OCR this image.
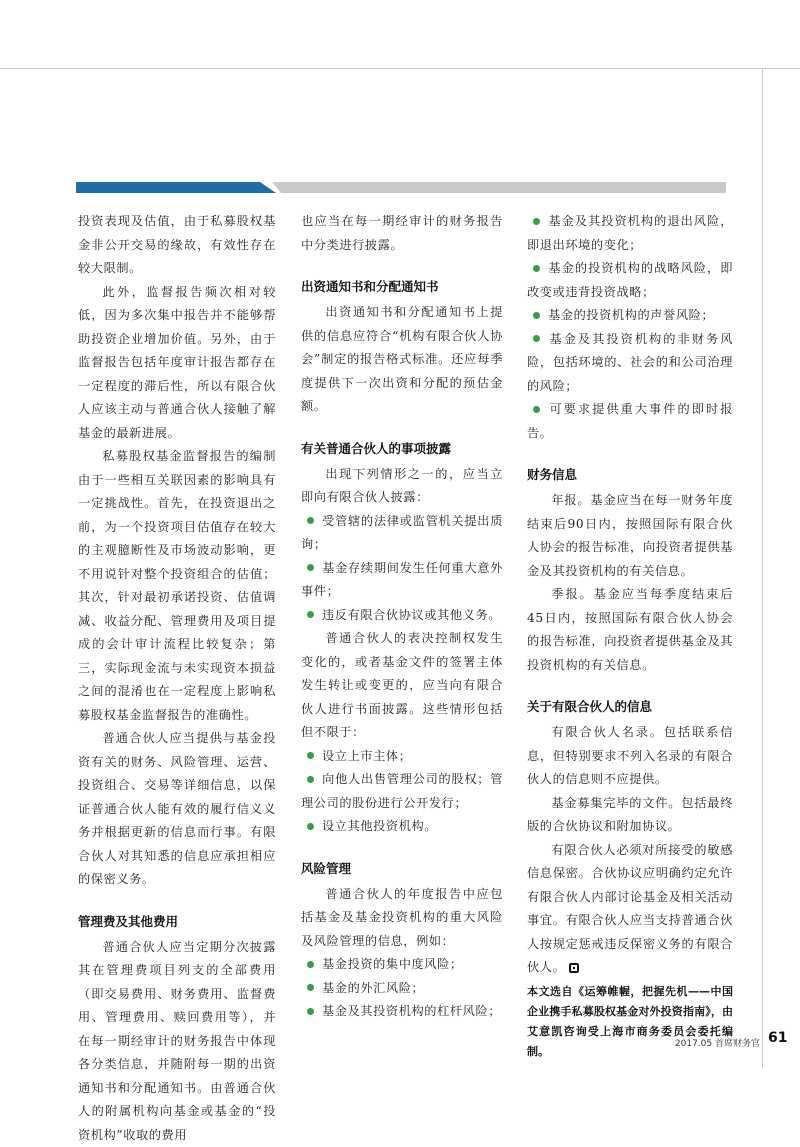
投资表现及估值，由于私募股权基金非公开交易的缘故，有效性存在较大限制。

此外，监督报告频次相对较低，因为多次集中报告并不能够帮助投资企业增加价值。另外，由于监督报告包括年度审计报告都存在一定程度的滞后性，所以有限合伙人应该主动与普通合伙人接触了解基金的最新进展。

私募股权基金监督报告的编制由于一些相互关联因素的影响具有一定挑战性。首先，在投资退出之前，为一个投资项目估值存在较大的主观臆断性及市场波动影响，更不用说针对整个投资组合的估值；其次，针对最初承诺投资、估值调减、收益分配、管理费用及项目提成的会计审计流程比较复杂；第三，实际现金流与未实现资本损益之间的混淆也在一定程度上影响私募股权基金监督报告的准确性。

普通合伙人应当提供与基金投资有关的财务、风险管理、运营、投资组合、交易等详细信息，以保证普通合伙人能有效的履行信义义务并根据更新的信息而行事。有限合伙人对其知悉的信息应承担相应的保密义务。

管理费及其他费用

普通合伙人应当定期分次披露其在管理费项目列支的全部费用（即交易费用、财务费用、监督费用、管理费用、赎回费用等），并在每一期经审计的财务报告中体现各分类信息，并随附每一期的出资通知书和分配通知书。由普通合伙人的附属机构向基金或基金的“投资机构”收取的费用

也应当在每一期经审计的财务报告中分类进行披露。

出资通知书和分配通知书

出资通知书和分配通知书上提供的信息应符合“机构有限合伙人协会”制定的报告格式标准。还应每季度提供下一次出资和分配的预估金额。

有关普通合伙人的事项披露

出现下列情形之一的，应当立即向有限合伙人披露：

受管辖的法律或监管机关提出质询；

基金存续期间发生任何重大意外事件；

违反有限合伙协议或其他义务。

普通合伙人的表决控制权发生变化的，或者基金文件的签署主体发生转让或变更的，应当向有限合伙人进行书面披露。这些情形包括但不限于：

设立上市主体；

向他人出售管理公司的股权；管理公司的股份进行公开发行；

设立其他投资机构。

风险管理

普通合伙人的年度报告中应包括基金及基金投资机构的重大风险及风险管理的信息，例如：

基金投资的集中度风险；

基金的外汇风险；

基金及其投资机构的杠杆风险；

基金及其投资机构的退出风险，即退出环境的变化；

基金的投资机构的战略风险，即改变或违背投资战略；

基金的投资机构的声誉风险；

基金及其投资机构的非财务风险，包括环境的、社会的和公司治理的风险；

可要求提供重大事件的即时报告。

财务信息

年报。基金应当在每一财务年度结束后90日内，按照国际有限合伙人协会的报告标准，向投资者提供基金及其投资机构的有关信息。

季报。基金应当每季度结束后45日内，按照国际有限合伙人协会的报告标准，向投资者提供基金及其投资机构的有关信息。

关于有限合伙人的信息

有限合伙人名录。包括联系信息，但特别要求不列入名录的有限合伙人的信息则不应提供。

基金募集完毕的文件。包括最终版的合伙协议和附加协议。

有限合伙人必须对所接受的敏感信息保密。合伙协议应明确约定允许有限合伙人内部讨论基金及相关活动事宜。有限合伙人应当支持普通合伙人按规定惩戒违反保密义务的有限合伙人。

本文选自《运筹帷幄，把握先机——中国企业携手私募股权基金对外投资指南》，由艾意凯咨询受上海市商务委员会委托编制。
2017.05 首席财务官 61
